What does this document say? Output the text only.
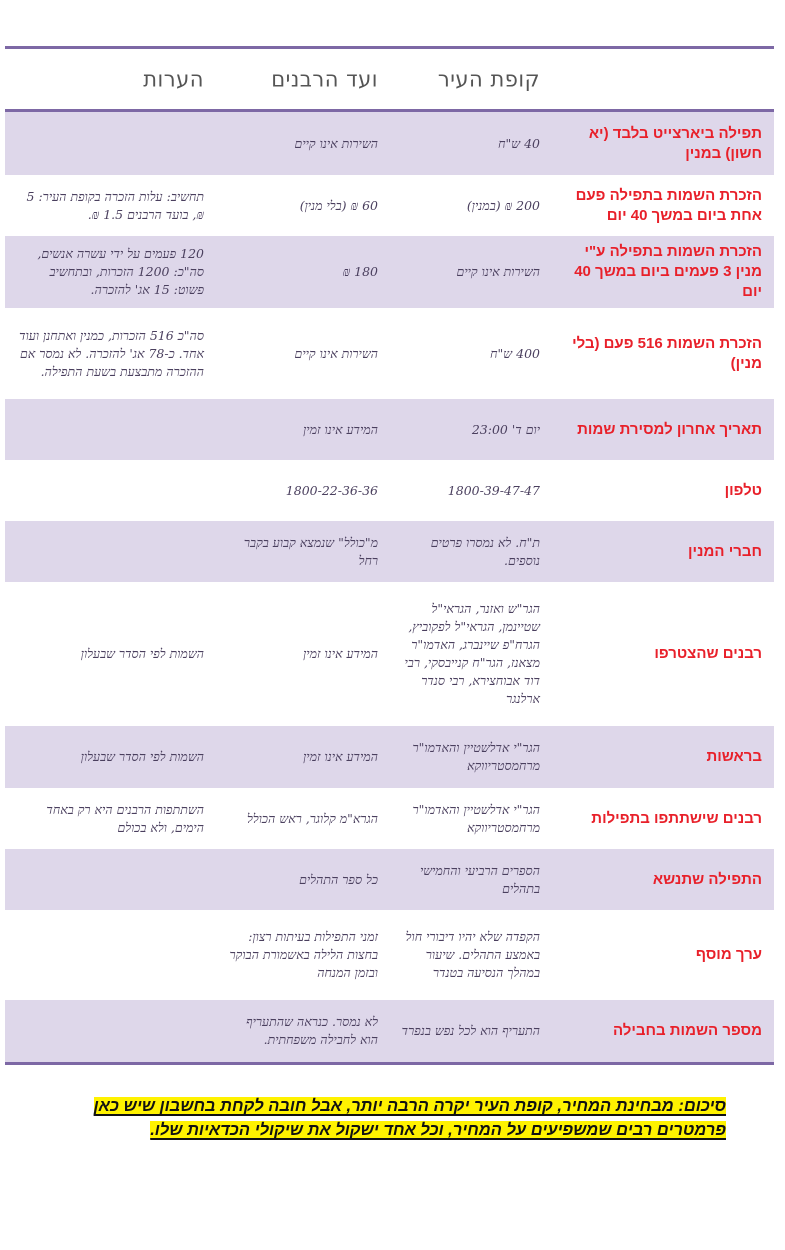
קופת העיר
ועד הרבנים
הערות
תפילה ביארצייט בלבד (יא חשון) במנין
40 ש"ח
השירות אינו קיים
הזכרת השמות בתפילה פעם אחת ביום במשך 40 יום
200 ₪ (במנין)
60 ₪ (בלי מנין)
תחשיב: עלות הזכרה בקופת העיר: 5 ₪, בועד הרבנים 1.5 ₪.
הזכרת השמות בתפילה ע"י מנין 3 פעמים ביום במשך 40 יום
השירות אינו קיים
180 ₪
120 פעמים על ידי עשרה אנשים, סה"כ: 1200 הזכרות, ובתחשיב פשוט: 15 אג' להזכרה.
הזכרת השמות 516 פעם (בלי מנין)
400 ש"ח
השירות אינו קיים
סה"כ 516 הזכרות, כמנין ואתחנן ועוד אחד. כ-78 אג' להזכרה. לא נמסר אם ההזכרה מתבצעת בשעת התפילה.
תאריך אחרון למסירת שמות
יום ד' 23:00
המידע אינו זמין
טלפון
1800-39-47-47
1800-22-36-36
חברי המנין
ת"ח. לא נמסרו פרטים נוספים.
מ"כולל" שנמצא קבוע בקבר רחל
רבנים שהצטרפו
הגר"ש ואזנר, הגראי"ל שטיינמן, הגראי"ל לפקוביץ, הגרח"פ שיינברג, האדמו"ר מצאנז, הגר"ח קנייבסקי, רבי דוד אבוחצירא, רבי סנדר ארלנגר
המידע אינו זמין
השמות לפי הסדר שבעלון
בראשות
הגר"י אדלשטיין והאדמו"ר מרחמסטריווקא
המידע אינו זמין
השמות לפי הסדר שבעלון
רבנים שישתתפו בתפילות
הגר"י אדלשטיין והאדמו"ר מרחמסטריווקא
הגרא"מ קלוגר, ראש הכולל
השתתפות הרבנים היא רק באחד הימים, ולא בכולם
התפילה שתנשא
הספרים הרביעי והחמישי בתהלים
כל ספר התהלים
ערך מוסף
הקפדה שלא יהיו דיבורי חול באמצע התהלים. שיעור במהלך הנסיעה בטנדר
זמני התפילות בעיתות רצון: בחצות הלילה באשמורת הבוקר ובזמן המנחה
מספר השמות בחבילה
התעריף הוא לכל נפש בנפרד
לא נמסר. כנראה שהתעריף הוא לחבילה משפחתית.
סיכום: מבחינת המחיר, קופת העיר יקרה הרבה יותר, אבל חובה לקחת בחשבון שיש כאן פרמטרים רבים שמשפיעים על המחיר, וכל אחד ישקול את שיקולי הכדאיות שלו.
